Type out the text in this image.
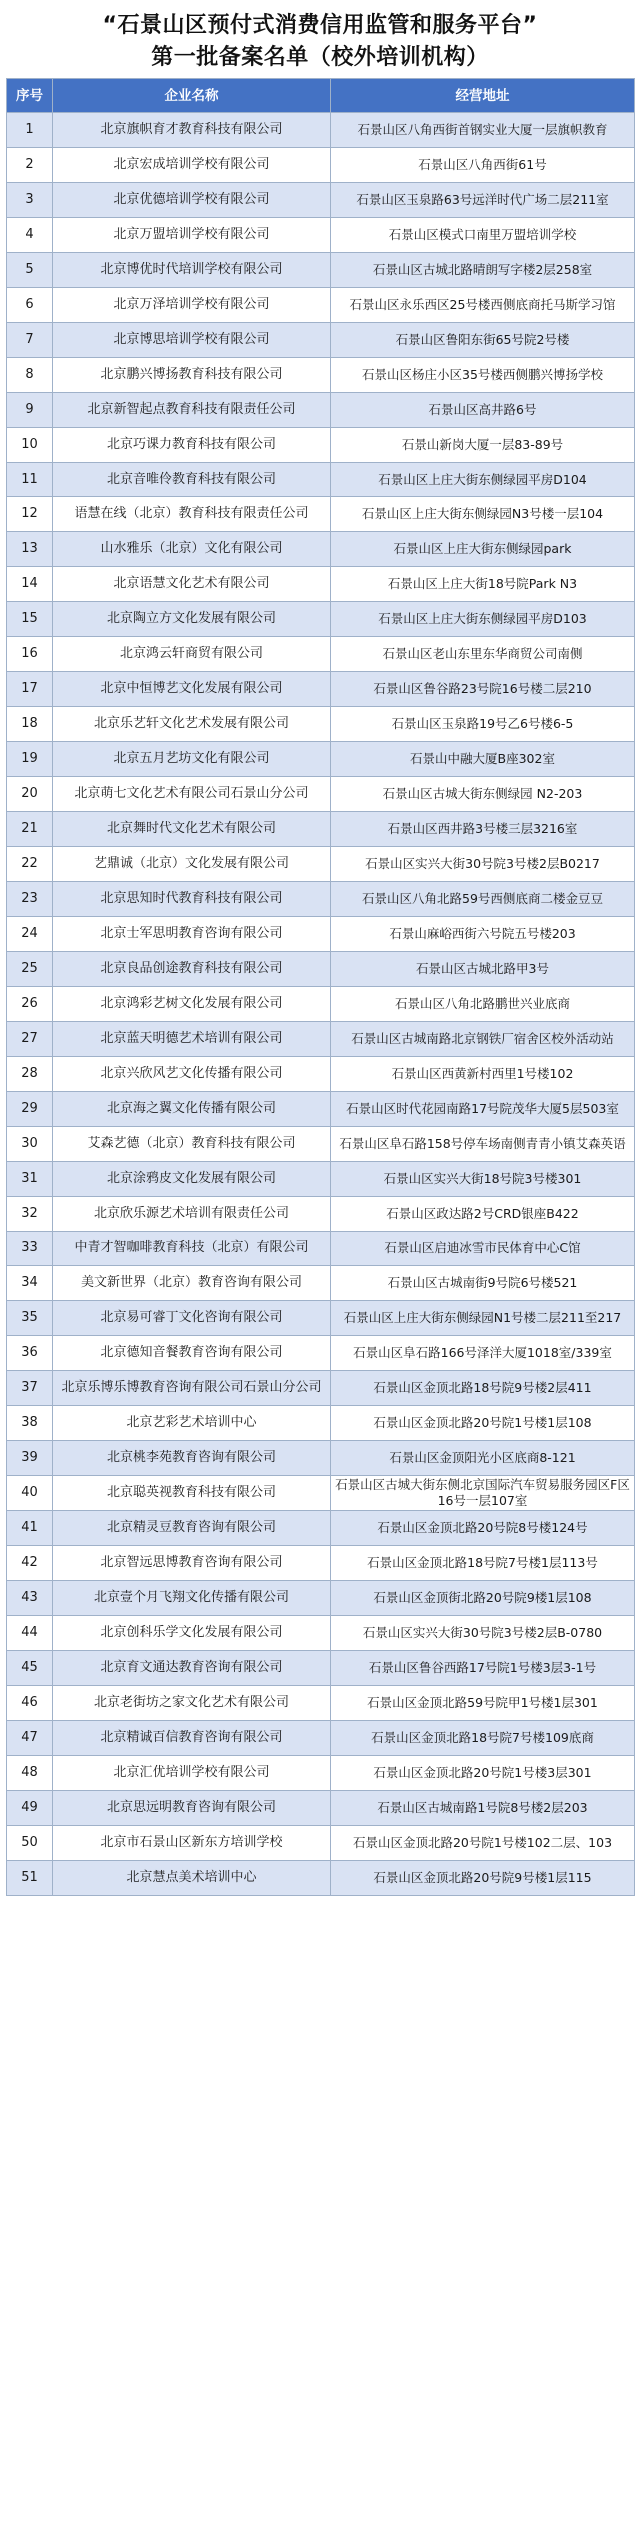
“石景山区预付式消费信用监管和服务平台”
第一批备案名单（校外培训机构）
序号	企业名称	经营地址
1	北京旗帜育才教育科技有限公司	石景山区八角西街首钢实业大厦一层旗帜教育
2	北京宏成培训学校有限公司	石景山区八角西街61号
3	北京优德培训学校有限公司	石景山区玉泉路63号远洋时代广场二层211室
4	北京万盟培训学校有限公司	石景山区模式口南里万盟培训学校
5	北京博优时代培训学校有限公司	石景山区古城北路晴朗写字楼2层258室
6	北京万泽培训学校有限公司	石景山区永乐西区25号楼西侧底商托马斯学习馆
7	北京博思培训学校有限公司	石景山区鲁阳东街65号院2号楼
8	北京鹏兴博扬教育科技有限公司	石景山区杨庄小区35号楼西侧鹏兴博扬学校
9	北京新智起点教育科技有限责任公司	石景山区高井路6号
10	北京巧课力教育科技有限公司	石景山新岗大厦一层83-89号
11	北京音唯伶教育科技有限公司	石景山区上庄大街东侧绿园平房D104
12	语慧在线（北京）教育科技有限责任公司	石景山区上庄大街东侧绿园N3号楼一层104
13	山水雅乐（北京）文化有限公司	石景山区上庄大街东侧绿园park
14	北京语慧文化艺术有限公司	石景山区上庄大街18号院Park N3
15	北京陶立方文化发展有限公司	石景山区上庄大街东侧绿园平房D103
16	北京鸿云轩商贸有限公司	石景山区老山东里东华商贸公司南侧
17	北京中恒博艺文化发展有限公司	石景山区鲁谷路23号院16号楼二层210
18	北京乐艺轩文化艺术发展有限公司	石景山区玉泉路19号乙6号楼6-5
19	北京五月艺坊文化有限公司	石景山中融大厦B座302室
20	北京萌七文化艺术有限公司石景山分公司	石景山区古城大街东侧绿园 N2-203
21	北京舞时代文化艺术有限公司	石景山区西井路3号楼三层3216室
22	艺鼎诚（北京）文化发展有限公司	石景山区实兴大街30号院3号楼2层B0217
23	北京思知时代教育科技有限公司	石景山区八角北路59号西侧底商二楼金豆豆
24	北京士军思明教育咨询有限公司	石景山麻峪西街六号院五号楼203
25	北京良品创途教育科技有限公司	石景山区古城北路甲3号
26	北京鸿彩艺树文化发展有限公司	石景山区八角北路鹏世兴业底商
27	北京蓝天明德艺术培训有限公司	石景山区古城南路北京钢铁厂宿舍区校外活动站
28	北京兴欣风艺文化传播有限公司	石景山区西黄新村西里1号楼102
29	北京海之翼文化传播有限公司	石景山区时代花园南路17号院茂华大厦5层503室
30	艾森艺德（北京）教育科技有限公司	石景山区阜石路158号停车场南侧青青小镇艾森英语
31	北京涂鸦皮文化发展有限公司	石景山区实兴大街18号院3号楼301
32	北京欣乐源艺术培训有限责任公司	石景山区政达路2号CRD银座B422
33	中青才智咖啡教育科技（北京）有限公司	石景山区启迪冰雪市民体育中心C馆
34	美文新世界（北京）教育咨询有限公司	石景山区古城南街9号院6号楼521
35	北京易可睿丁文化咨询有限公司	石景山区上庄大街东侧绿园N1号楼二层211至217
36	北京德知音餐教育咨询有限公司	石景山区阜石路166号泽洋大厦1018室/339室
37	北京乐博乐博教育咨询有限公司石景山分公司	石景山区金顶北路18号院9号楼2层411
38	北京艺彩艺术培训中心	石景山区金顶北路20号院1号楼1层108
39	北京桃李苑教育咨询有限公司	石景山区金顶阳光小区底商8-121
40	北京聪英视教育科技有限公司	石景山区古城大街东侧北京国际汽车贸易服务园区F区16号一层107室
41	北京精灵豆教育咨询有限公司	石景山区金顶北路20号院8号楼124号
42	北京智远思博教育咨询有限公司	石景山区金顶北路18号院7号楼1层113号
43	北京壹个月飞翔文化传播有限公司	石景山区金顶街北路20号院9楼1层108
44	北京创科乐学文化发展有限公司	石景山区实兴大街30号院3号楼2层B-0780
45	北京育文通达教育咨询有限公司	石景山区鲁谷西路17号院1号楼3层3-1号
46	北京老街坊之家文化艺术有限公司	石景山区金顶北路59号院甲1号楼1层301
47	北京精诚百信教育咨询有限公司	石景山区金顶北路18号院7号楼109底商
48	北京汇优培训学校有限公司	石景山区金顶北路20号院1号楼3层301
49	北京思远明教育咨询有限公司	石景山区古城南路1号院8号楼2层203
50	北京市石景山区新东方培训学校	石景山区金顶北路20号院1号楼102二层、103
51	北京慧点美术培训中心	石景山区金顶北路20号院9号楼1层115
